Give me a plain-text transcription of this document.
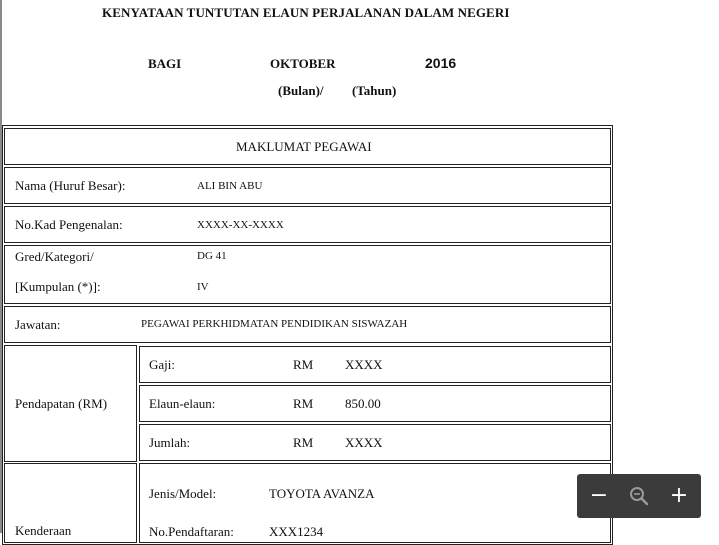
KENYATAAN TUNTUTAN ELAUN PERJALANAN DALAM NEGERI
BAGI	OKTOBER	2016
(Bulan)/ (Tahun)
MAKLUMAT PEGAWAI
Nama (Huruf Besar):	ALI BIN ABU
No.Kad Pengenalan:	XXXX-XX-XXXX
Gred/Kategori/	DG 41
[Kumpulan (*)]:	IV
Jawatan:	PEGAWAI PERKHIDMATAN PENDIDIKAN SISWAZAH
Pendapatan (RM)
Gaji:	RM XXXX
Elaun-elaun:	RM 850.00
Jumlah:	RM XXXX
Kenderaan
Jenis/Model:	TOYOTA AVANZA
No.Pendaftaran:	XXX1234
−	+
